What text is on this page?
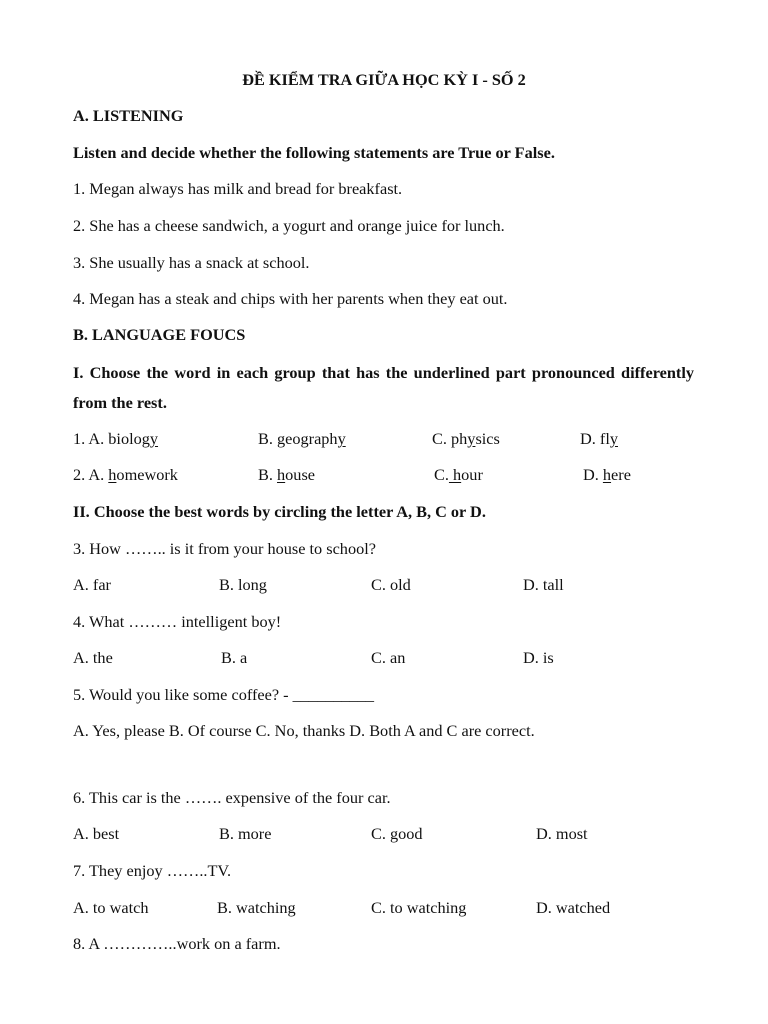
ĐỀ KIỂM TRA GIỮA HỌC KỲ I - SỐ 2
A. LISTENING
Listen and decide whether the following statements are True or False.
1. Megan always has milk and bread for breakfast.
2. She has a cheese sandwich, a yogurt and orange juice for lunch.
3. She usually has a snack at school.
4. Megan has a steak and chips with her parents when they eat out.
B. LANGUAGE FOUCS
I. Choose the word in each group that has the underlined part pronounced differently from the rest.
1. A. biology	B. geography	C. physics	D. fly
2. A. homework	B. house	C. hour	D. here
II. Choose the best words by circling the letter A, B, C or D.
3. How …….. is it from your house to school?
A. far	B. long	C. old	D. tall
4. What ……… intelligent boy!
A. the	B. a	C. an	D. is
5. Would you like some coffee? - __________
A. Yes, please B. Of course C. No, thanks D. Both A and C are correct.
6. This car is the ……. expensive of the four car.
A. best	B. more	C. good	D. most
7. They enjoy ……..TV.
A. to watch	B. watching	C. to watching	D. watched
8. A …………..work on a farm.
